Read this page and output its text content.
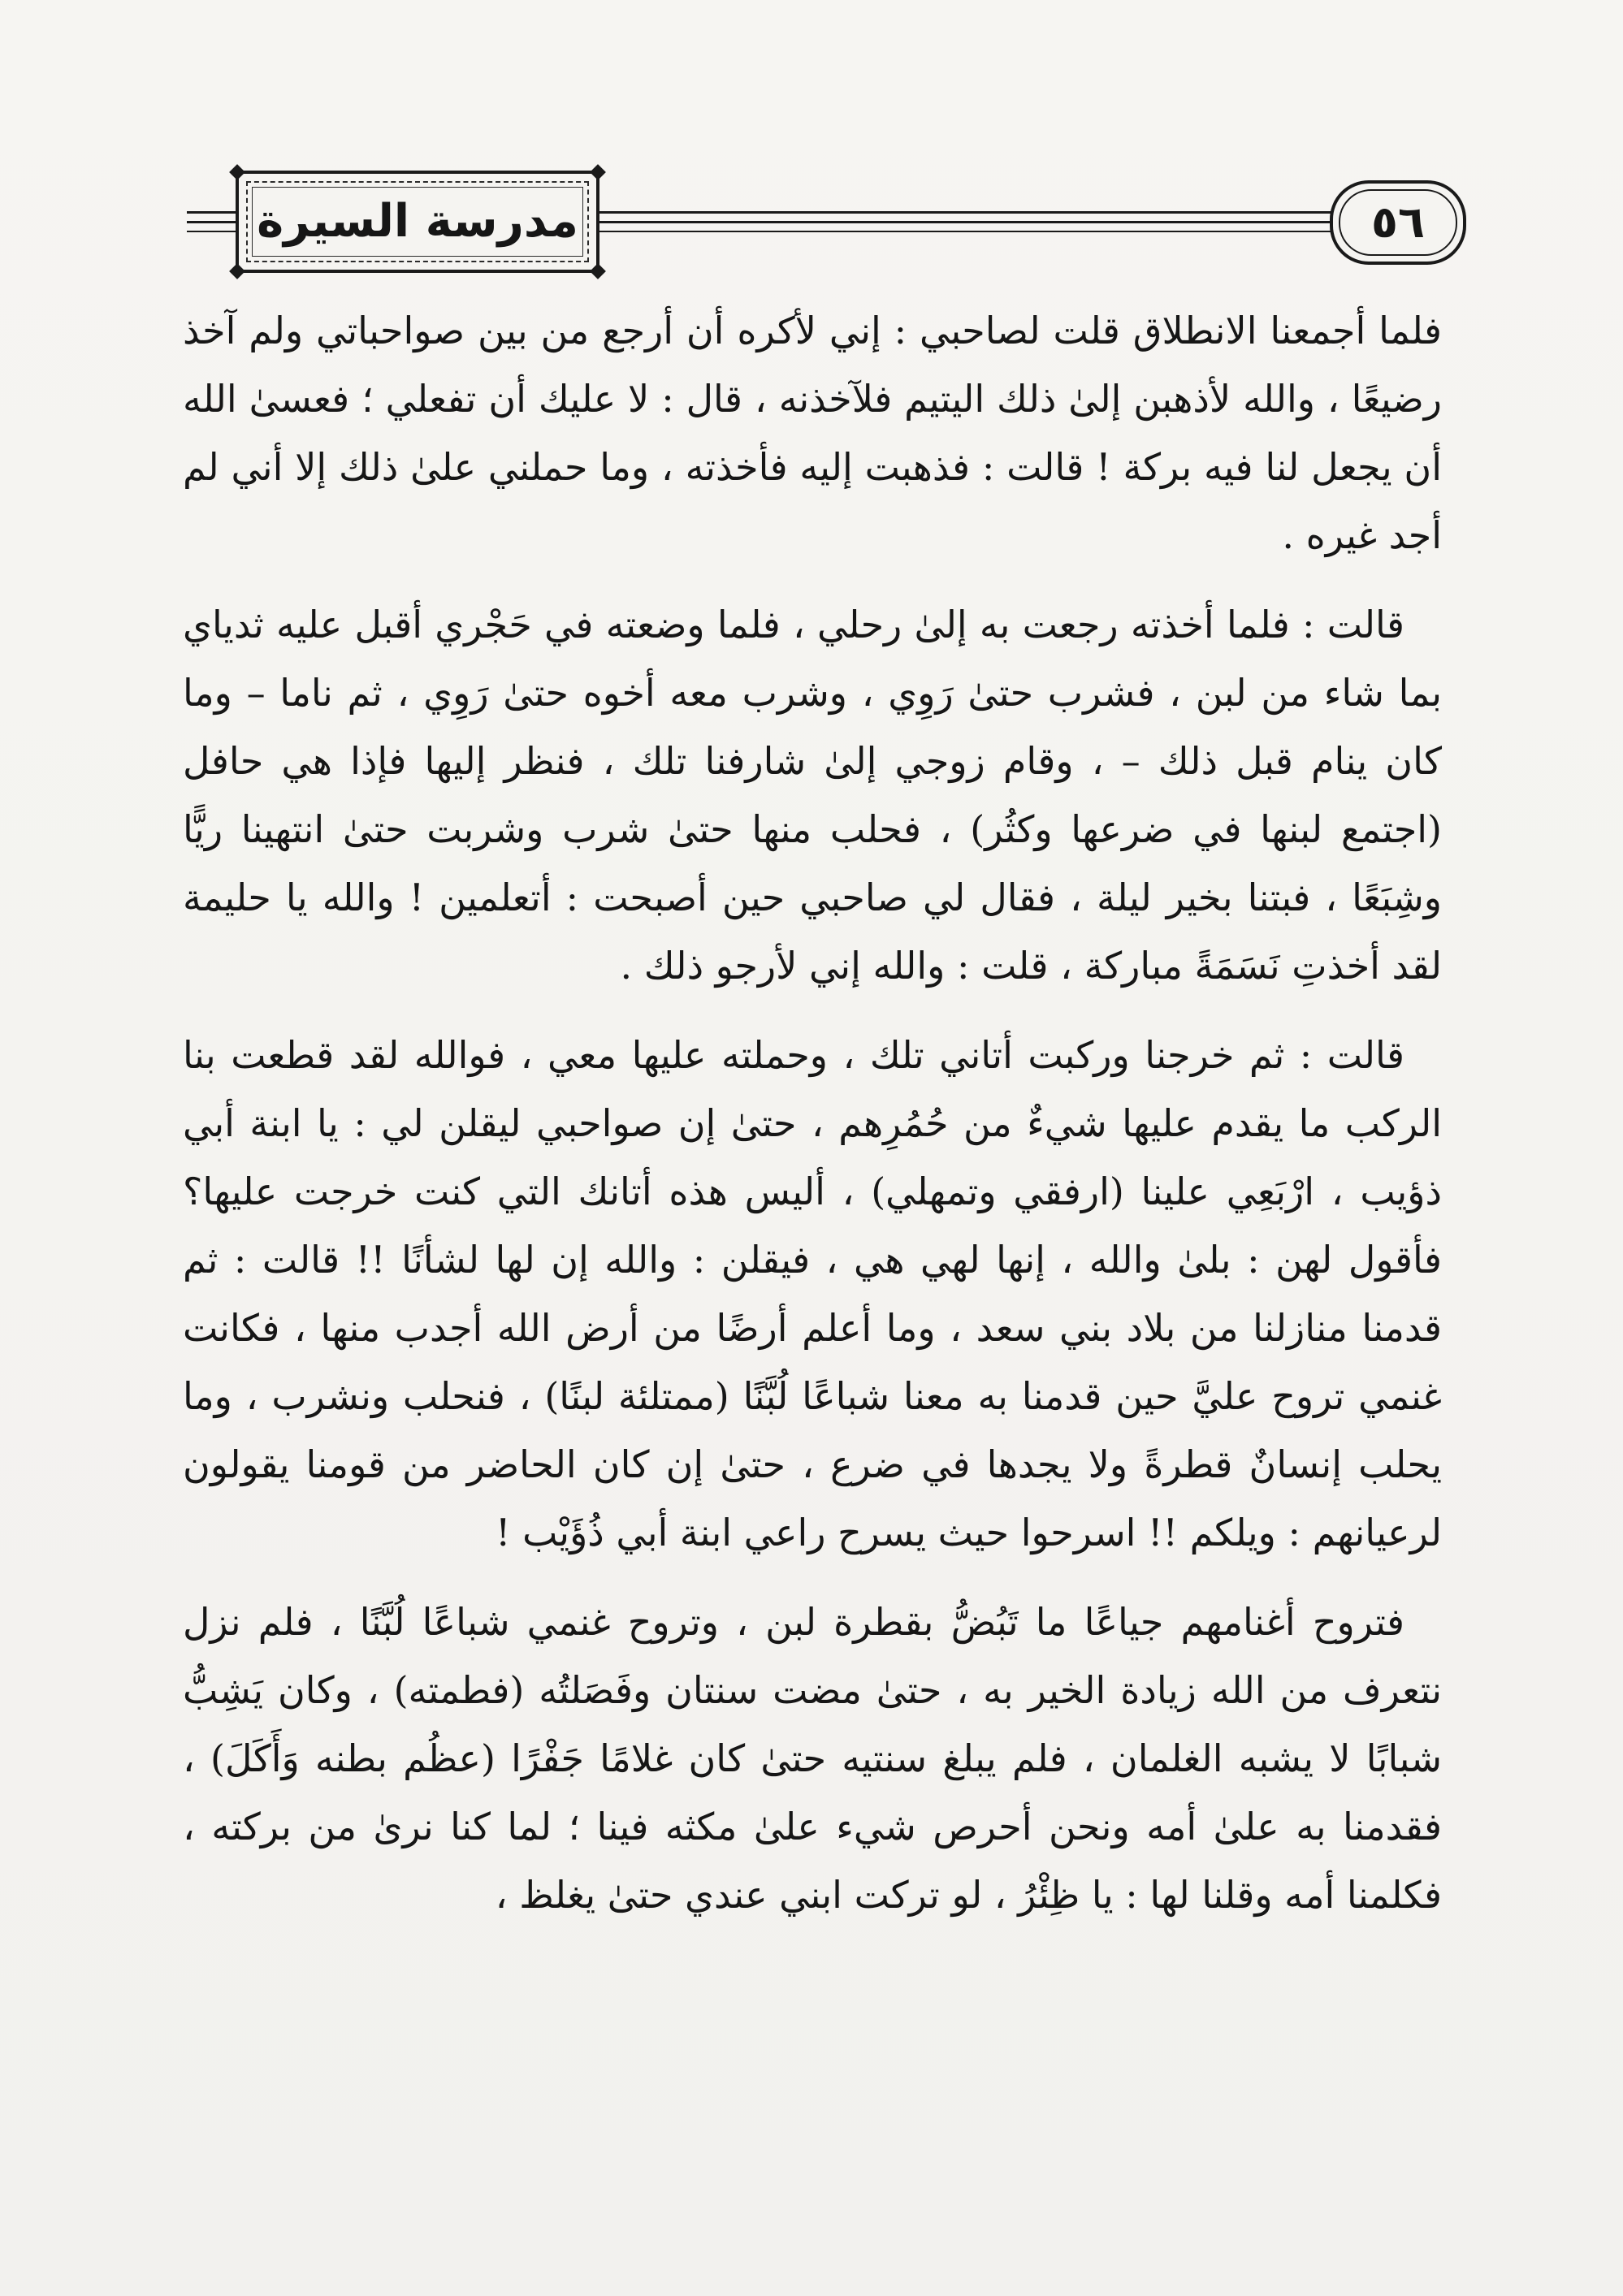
مدرسة السيرة	٥٦

فلما أجمعنا الانطلاق قلت لصاحبي : إني لأكره أن أرجع من بين صواحباتي ولم آخذ رضيعًا ، والله لأذهبن إلىٰ ذلك اليتيم فلآخذنه ، قال : لا عليك أن تفعلي ؛ فعسىٰ الله أن يجعل لنا فيه بركة ! قالت : فذهبت إليه فأخذته ، وما حملني علىٰ ذلك إلا أني لم أجد غيره .

قالت : فلما أخذته رجعت به إلىٰ رحلي ، فلما وضعته في حَجْري أقبل عليه ثدياي بما شاء من لبن ، فشرب حتىٰ رَوِي ، وشرب معه أخوه حتىٰ رَوِي ، ثم ناما – وما كان ينام قبل ذلك – ، وقام زوجي إلىٰ شارفنا تلك ، فنظر إليها فإذا هي حافل (اجتمع لبنها في ضرعها وكثُر) ، فحلب منها حتىٰ شرب وشربت حتىٰ انتهينا ريًّا وشِبَعًا ، فبتنا بخير ليلة ، فقال لي صاحبي حين أصبحت : أتعلمين ! والله يا حليمة لقد أخذتِ نَسَمَةً مباركة ، قلت : والله إني لأرجو ذلك .

قالت : ثم خرجنا وركبت أتاني تلك ، وحملته عليها معي ، فوالله لقد قطعت بنا الركب ما يقدم عليها شيءٌ من حُمُرِهم ، حتىٰ إن صواحبي ليقلن لي : يا ابنة أبي ذؤيب ، ارْبَعِي علينا (ارفقي وتمهلي) ، أليس هذه أتانك التي كنت خرجت عليها؟ فأقول لهن : بلىٰ والله ، إنها لهي هي ، فيقلن : والله إن لها لشأنًا !! قالت : ثم قدمنا منازلنا من بلاد بني سعد ، وما أعلم أرضًا من أرض الله أجدب منها ، فكانت غنمي تروح عليَّ حين قدمنا به معنا شباعًا لُبَّنًا (ممتلئة لبنًا) ، فنحلب ونشرب ، وما يحلب إنسانٌ قطرةً ولا يجدها في ضرع ، حتىٰ إن كان الحاضر من قومنا يقولون لرعيانهم : ويلكم !! اسرحوا حيث يسرح راعي ابنة أبي ذُؤَيْب !

فتروح أغنامهم جياعًا ما تَبُضُّ بقطرة لبن ، وتروح غنمي شباعًا لُبَّنًا ، فلم نزل نتعرف من الله زيادة الخير به ، حتىٰ مضت سنتان وفَصَلتُه (فطمته) ، وكان يَشِبُّ شبابًا لا يشبه الغلمان ، فلم يبلغ سنتيه حتىٰ كان غلامًا جَفْرًا (عظُم بطنه وَأَكَلَ) ، فقدمنا به علىٰ أمه ونحن أحرص شيء علىٰ مكثه فينا ؛ لما كنا نرىٰ من بركته ، فكلمنا أمه وقلنا لها : يا ظِئْرُ ، لو تركت ابني عندي حتىٰ يغلظ ،
